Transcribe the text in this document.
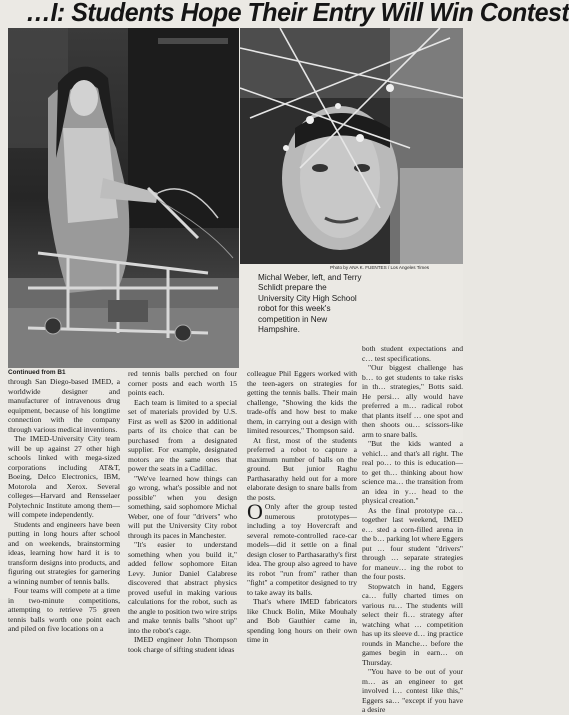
…I: Students Hope Their Entry Will Win Contest
Photo by ANA K. FUENTES / Los Angeles Times
Michal Weber, left, and Terry Schlidt prepare the University City High School robot for this week's competition in New Hampshire.

Continued from B1

through San Diego-based IMED, a worldwide designer and manufacturer of intravenous drug equipment, because of his longtime connection with the company through various medical inventions.

The IMED-University City team will be up against 27 other high schools linked with mega-sized corporations including AT&T, Boeing, Delco Electronics, IBM, Motorola and Xerox. Several colleges—Harvard and Rensselaer Polytechnic Institute among them—will compete independently.

Students and engineers have been putting in long hours after school and on weekends, brainstorming ideas, learning how hard it is to transform designs into products, and figuring out strategies for garnering a winning number of tennis balls.

Four teams will compete at a time in two-minute competitions, attempting to retrieve 75 green tennis balls worth one point each and piled on five locations on a

red tennis balls perched on four corner posts and each worth 15 points each.

Each team is limited to a special set of materials provided by U.S. First as well as $200 in additional parts of its choice that can be purchased from a designated supplier. For example, designated motors are the same ones that power the seats in a Cadillac.

"We've learned how things can go wrong, what's possible and not possible" when you design something, said sophomore Michal Weber, one of four "drivers" who will put the University City robot through its paces in Manchester.

"It's easier to understand something when you build it," added fellow sophomore Eitan Levy. Junior Daniel Calabrese discovered that abstract physics proved useful in making various calculations for the robot, such as the angle to position two wire strips and make tennis balls "shoot up" into the robot's cage.

IMED engineer John Thompson took charge of sifting student ideas

colleague Phil Eggers worked with the teen-agers on strategies for getting the tennis balls. Their main challenge, "Showing the kids the trade-offs and how best to make them, in carrying out a design with limited resources," Thompson said.

At first, most of the students preferred a robot to capture a maximum number of balls on the ground. But junior Raghu Parthasarathy held out for a more elaborate design to snare balls from the posts.

O Only after the group tested numerous prototypes—including a toy Hovercraft and several remote-controlled race-car models—did it settle on a final design closer to Parthasarathy's first idea. The group also agreed to have its robot "run from" rather than "fight" a competitor designed to try to take away its balls.

That's where IMED fabricators like Chuck Bolin, Mike Mouhaly and Bob Gauthier came in, spending long hours on their own time in

both student expectations and c… test specifications.

"Our biggest challenge has b… to get students to take risks in th… strategies," Botts said. He persi… ally would have preferred a m… radical robot that plants itself … one spot and then shoots ou… scissors-like arm to snare balls.

"But the kids wanted a vehicl… and that's all right. The real po… to this is education—to get th… thinking about how science ma… the transition from an idea in y… head to the physical creation."

As the final prototype ca… together last weekend, IMED e… sted a corn-filled arena in the b… parking lot where Eggers put … four student "drivers" through … separate strategies for maneuv… ing the robot to the four posts.

Stopwatch in hand, Eggers ca… fully charted times on various ru… The students will select their fi… strategy after watching what … competition has up its sleeve d… ing practice rounds in Manche… before the games begin in earn… on Thursday.

"You have to be out of your m… as an engineer to get involved i… contest like this," Eggers sa… "except if you have a desire
